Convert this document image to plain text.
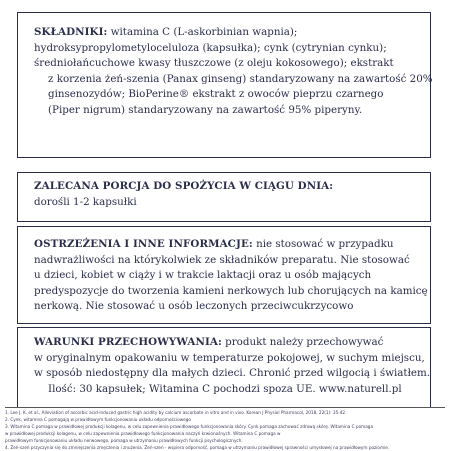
SKŁADNIKI: witamina C (L-askorbinian wapnia);
hydroksypropylometyloceluloza (kapsułka); cynk (cytrynian cynku);
średniołańcuchowe kwasy tłuszczowe (z oleju kokosowego); ekstrakt
z korzenia żeń-szenia (Panax ginseng) standaryzowany na zawartość 20%
ginsenozydów; BioPerine® ekstrakt z owoców pieprzu czarnego
(Piper nigrum) standaryzowany na zawartość 95% piperyny.
ZALECANA PORCJA DO SPOŻYCIA W CIĄGU DNIA:
dorośli 1-2 kapsułki
OSTRZEŻENIA I INNE INFORMACJE: nie stosować w przypadku
nadwrażliwości na którykolwiek ze składników preparatu. Nie stosować
u dzieci, kobiet w ciąży i w trakcie laktacji oraz u osób mających
predyspozycje do tworzenia kamieni nerkowych lub chorujących na kamicę
nerkową. Nie stosować u osób leczonych przeciwcukrzycowo
WARUNKI PRZECHOWYWANIA: produkt należy przechowywać
w oryginalnym opakowaniu w temperaturze pokojowej, w suchym miejscu,
w sposób niedostępny dla małych dzieci. Chronić przed wilgocią i światłem.
Ilość: 30 kapsułek; Witamina C pochodzi spoza UE. www.naturell.pl
1. Lee J. K. et al., Alleviation of ascorbic acid-induced gastric high acidity by calcium ascorbate in vitro and in vivo. Korean J Physiol Pharmacol, 2018, 22(1): 35-42.
2. Cynk, witamina C pomagają w prawidłowym funkcjonowaniu układu odpornościowego
3. Witamina C pomaga w prawidłowej produkcji kolagenu, w celu zapewnienia prawidłowego funkcjonowania skóry. Cynk pomaga zachować zdrową skórę. Witamina C pomaga
w prawidłowej produkcji kolagenu, w celu zapewnienia prawidłowego funkcjonowania naczyń krwionośnych. Witamina C pomaga w
prawidłowym funkcjonowaniu układu nerwowego, pomaga w utrzymaniu prawidłowych funkcji psychologicznych.
4. Żeń-szeń przyczynia się do zmniejszenia zmęczenia i znużenia. Żeń-szeń - wspiera odporność, pomaga w utrzymaniu prawidłowej sprawności umysłowej na prawidłowym poziomie.
